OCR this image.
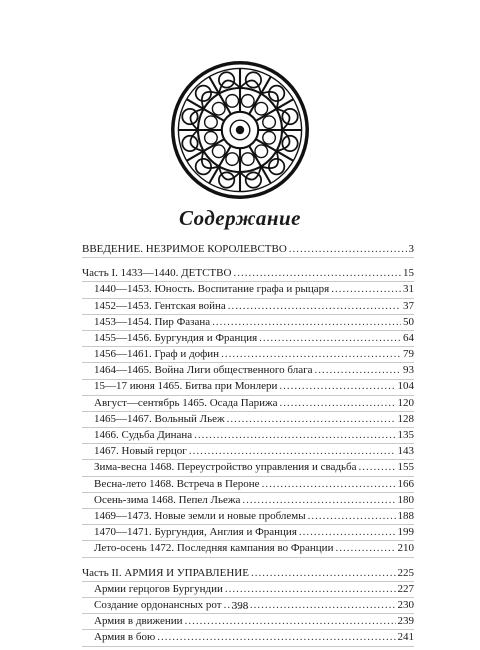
Содержание
ВВЕДЕНИЕ. НЕЗРИМОЕ КОРОЛЕВСТВО .....	3
Часть I. 1433—1440. ДЕТСТВО .....	15
1440—1453. Юность. Воспитание графа и рыцаря .....	31
1452—1453. Гентская война .....	37
1453—1454. Пир Фазана .....	50
1455—1456. Бургундия и Франция .....	64
1456—1461. Граф и дофин .....	79
1464—1465. Война Лиги общественного блага .....	93
15—17 июня 1465. Битва при Монлери .....	104
Август—сентябрь 1465. Осада Парижа .....	120
1465—1467. Вольный Льеж .....	128
1466. Судьба Динана .....	135
1467. Новый герцог .....	143
Зима-весна 1468. Переустройство управления и свадьба .....	155
Весна-лето 1468. Встреча в Пероне .....	166
Осень-зима 1468. Пепел Льежа .....	180
1469—1473. Новые земли и новые проблемы .....	188
1470—1471. Бургундия, Англия и Франция .....	199
Лето-осень 1472. Последняя кампания во Франции .....	210
Часть II. АРМИЯ И УПРАВЛЕНИЕ .....	225
Армии герцогов Бургундии .....	227
Создание ордонансных рот .....	230
Армия в движении .....	239
Армия в бою .....	241
398
